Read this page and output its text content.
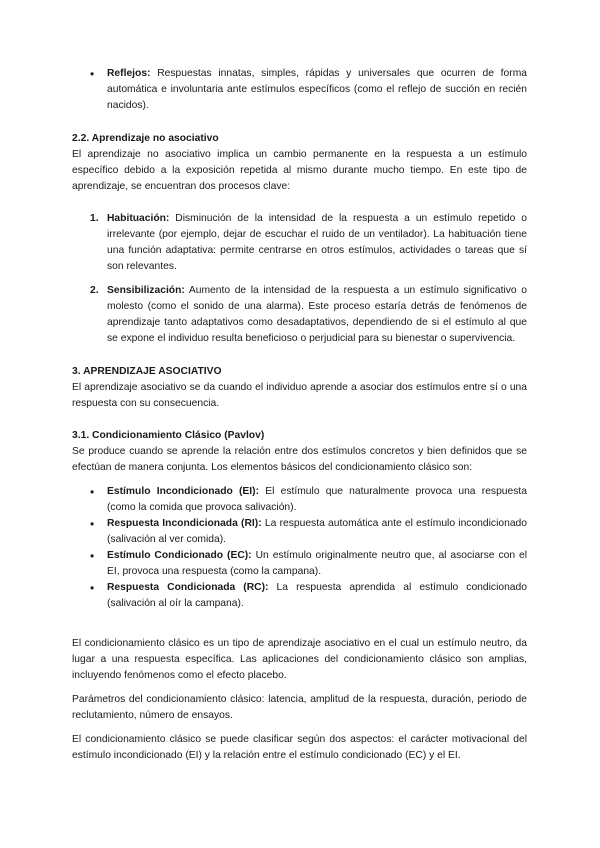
• Reflejos: Respuestas innatas, simples, rápidas y universales que ocurren de forma automática e involuntaria ante estímulos específicos (como el reflejo de succión en recién nacidos).

2.2. Aprendizaje no asociativo

El aprendizaje no asociativo implica un cambio permanente en la respuesta a un estímulo específico debido a la exposición repetida al mismo durante mucho tiempo. En este tipo de aprendizaje, se encuentran dos procesos clave:

1. Habituación: Disminución de la intensidad de la respuesta a un estímulo repetido o irrelevante (por ejemplo, dejar de escuchar el ruido de un ventilador). La habituación tiene una función adaptativa: permite centrarse en otros estímulos, actividades o tareas que sí son relevantes.
2. Sensibilización: Aumento de la intensidad de la respuesta a un estímulo significativo o molesto (como el sonido de una alarma). Este proceso estaría detrás de fenómenos de aprendizaje tanto adaptativos como desadaptativos, dependiendo de si el estímulo al que se expone el individuo resulta beneficioso o perjudicial para su bienestar o supervivencia.

3. APRENDIZAJE ASOCIATIVO

El aprendizaje asociativo se da cuando el individuo aprende a asociar dos estímulos entre sí o una respuesta con su consecuencia.

3.1. Condicionamiento Clásico (Pavlov)

Se produce cuando se aprende la relación entre dos estímulos concretos y bien definidos que se efectúan de manera conjunta. Los elementos básicos del condicionamiento clásico son:

• Estímulo Incondicionado (EI): El estímulo que naturalmente provoca una respuesta (como la comida que provoca salivación).
• Respuesta Incondicionada (RI): La respuesta automática ante el estímulo incondicionado (salivación al ver comida).
• Estímulo Condicionado (EC): Un estímulo originalmente neutro que, al asociarse con el EI, provoca una respuesta (como la campana).
• Respuesta Condicionada (RC): La respuesta aprendida al estímulo condicionado (salivación al oír la campana).

El condicionamiento clásico es un tipo de aprendizaje asociativo en el cual un estímulo neutro, da lugar a una respuesta específica. Las aplicaciones del condicionamiento clásico son amplias, incluyendo fenómenos como el efecto placebo.

Parámetros del condicionamiento clásico: latencia, amplitud de la respuesta, duración, periodo de reclutamiento, número de ensayos.

El condicionamiento clásico se puede clasificar según dos aspectos: el carácter motivacional del estímulo incondicionado (EI) y la relación entre el estímulo condicionado (EC) y el EI.
